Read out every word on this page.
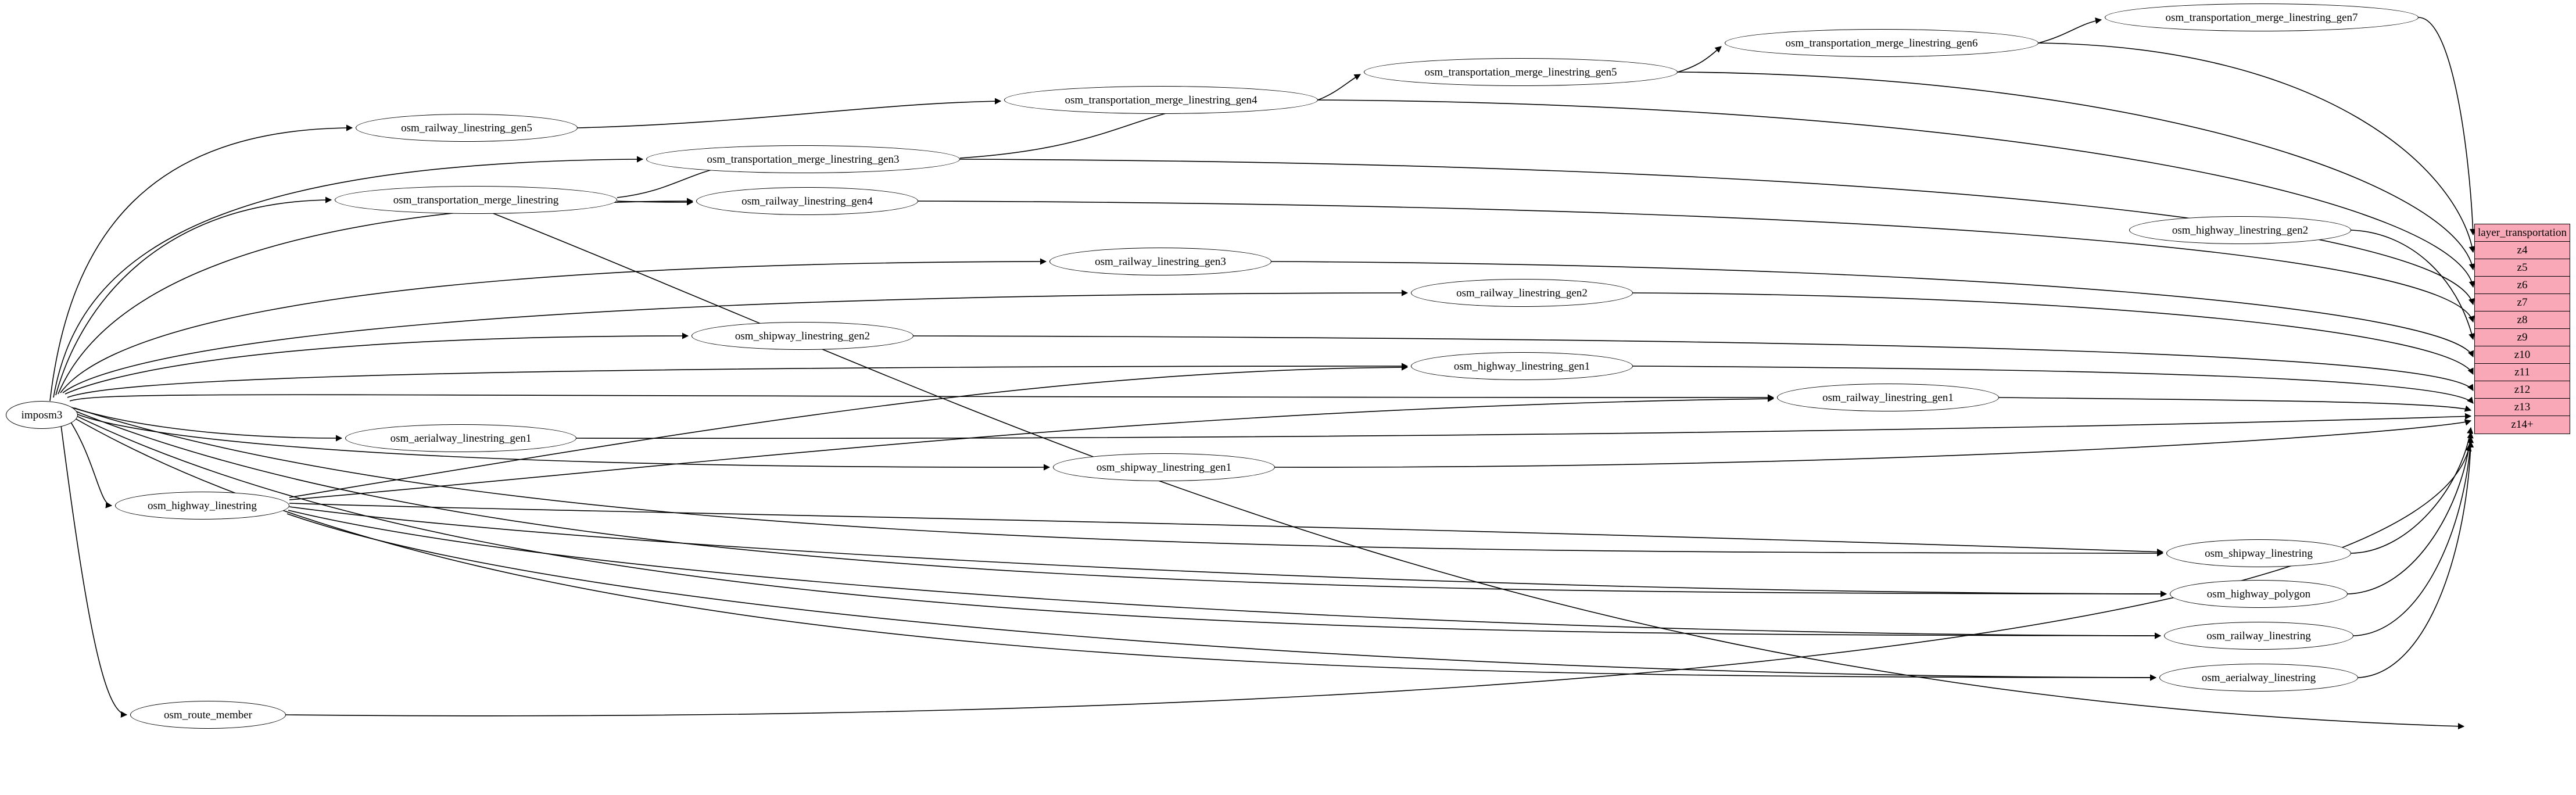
imposm3
osm_transportation_merge_linestring_gen7
osm_transportation_merge_linestring_gen6
osm_transportation_merge_linestring_gen5
osm_transportation_merge_linestring_gen4
osm_railway_linestring_gen5
osm_transportation_merge_linestring_gen3
osm_transportation_merge_linestring	osm_railway_linestring_gen4
osm_highway_linestring_gen2
osm_railway_linestring_gen3
osm_railway_linestring_gen2
osm_shipway_linestring_gen2
osm_highway_linestring_gen1
osm_railway_linestring_gen1
osm_aerialway_linestring_gen1
osm_shipway_linestring_gen1
osm_highway_linestring
osm_shipway_linestring
osm_highway_polygon
osm_railway_linestring
osm_aerialway_linestring
osm_route_member
layer_transportation
z4
z5
z6
z7
z8
z9
z10
z11
z12
z13
z14+
